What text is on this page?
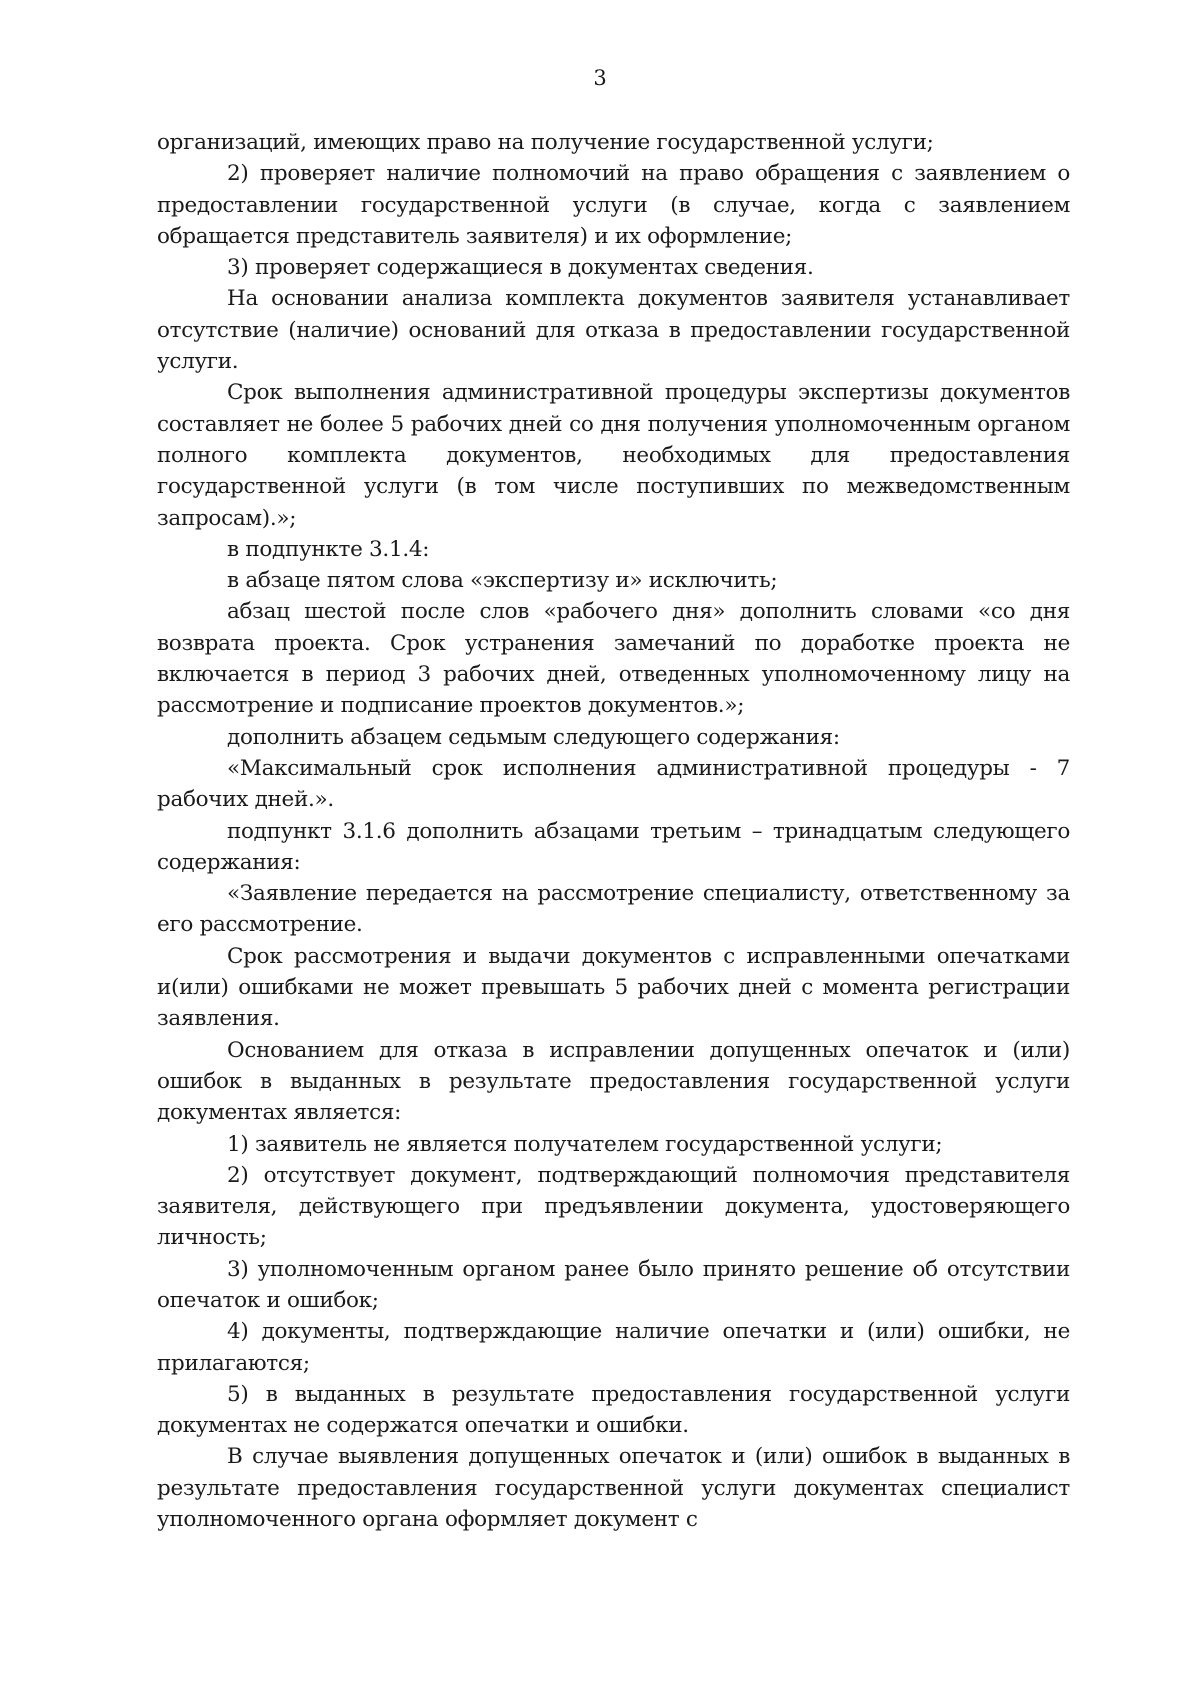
3

организаций, имеющих право на получение государственной услуги;

2) проверяет наличие полномочий на право обращения с заявлением о предоставлении государственной услуги (в случае, когда с заявлением обращается представитель заявителя) и их оформление;

3) проверяет содержащиеся в документах сведения.

На основании анализа комплекта документов заявителя устанавливает отсутствие (наличие) оснований для отказа в предоставлении государственной услуги.

Срок выполнения административной процедуры экспертизы документов составляет не более 5 рабочих дней со дня получения уполномоченным органом полного комплекта документов, необходимых для предоставления государственной услуги (в том числе поступивших по межведомственным запросам).»;

в подпункте 3.1.4:

в абзаце пятом слова «экспертизу и» исключить;

абзац шестой после слов «рабочего дня» дополнить словами «со дня возврата проекта. Срок устранения замечаний по доработке проекта не включается в период 3 рабочих дней, отведенных уполномоченному лицу на рассмотрение и подписание проектов документов.»;

дополнить абзацем седьмым следующего содержания:

«Максимальный срок исполнения административной процедуры - 7 рабочих дней.».

подпункт 3.1.6 дополнить абзацами третьим – тринадцатым следующего содержания:

«Заявление передается на рассмотрение специалисту, ответственному за его рассмотрение.

Срок рассмотрения и выдачи документов с исправленными опечатками и(или) ошибками не может превышать 5 рабочих дней с момента регистрации заявления.

Основанием для отказа в исправлении допущенных опечаток и (или) ошибок в выданных в результате предоставления государственной услуги документах является:

1) заявитель не является получателем государственной услуги;

2) отсутствует документ, подтверждающий полномочия представителя заявителя, действующего при предъявлении документа, удостоверяющего личность;

3) уполномоченным органом ранее было принято решение об отсутствии опечаток и ошибок;

4) документы, подтверждающие наличие опечатки и (или) ошибки, не прилагаются;

5) в выданных в результате предоставления государственной услуги документах не содержатся опечатки и ошибки.

В случае выявления допущенных опечаток и (или) ошибок в выданных в результате предоставления государственной услуги документах специалист уполномоченного органа оформляет документ с
